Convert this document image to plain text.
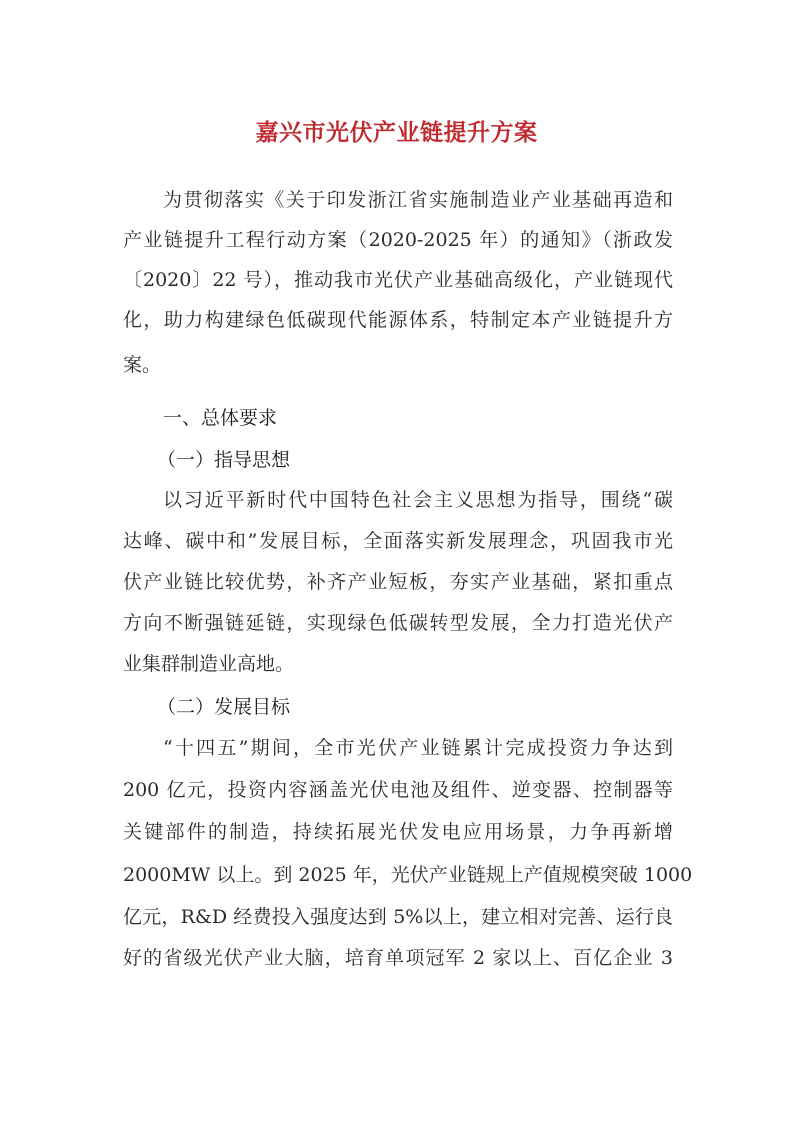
嘉兴市光伏产业链提升方案
为贯彻落实《关于印发浙江省实施制造业产业基础再造和
产业链提升工程行动方案（2020-2025 年）的通知》（浙政发
〔2020〕22 号），推动我市光伏产业基础高级化，产业链现代
化，助力构建绿色低碳现代能源体系，特制定本产业链提升方
案。
一、总体要求
（一）指导思想
以习近平新时代中国特色社会主义思想为指导，围绕“碳
达峰、碳中和”发展目标，全面落实新发展理念，巩固我市光
伏产业链比较优势，补齐产业短板，夯实产业基础，紧扣重点
方向不断强链延链，实现绿色低碳转型发展，全力打造光伏产
业集群制造业高地。
（二）发展目标
“十四五”期间，全市光伏产业链累计完成投资力争达到
200 亿元，投资内容涵盖光伏电池及组件、逆变器、控制器等
关键部件的制造，持续拓展光伏发电应用场景，力争再新增
2000MW 以上。到 2025 年，光伏产业链规上产值规模突破 1000
亿元，R&D 经费投入强度达到 5%以上，建立相对完善、运行良
好的省级光伏产业大脑，培育单项冠军 2 家以上、百亿企业 3
